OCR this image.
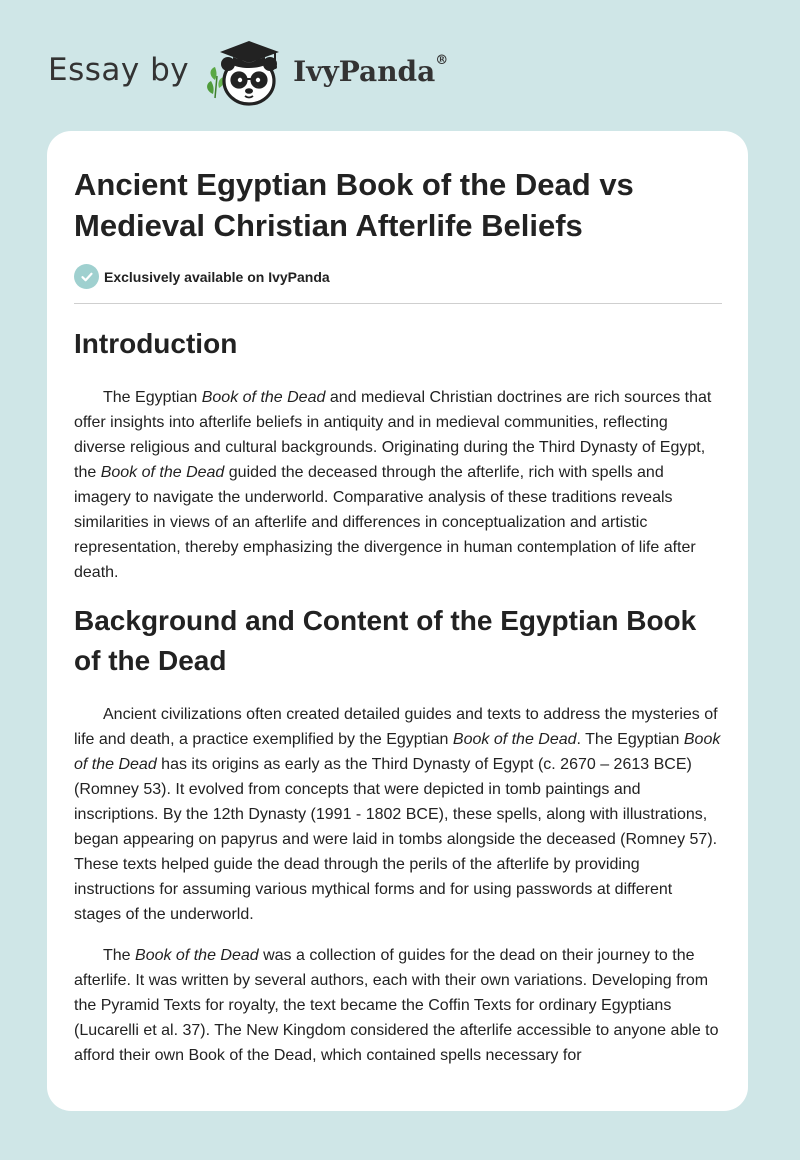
Essay by	IvyPanda®
Ancient Egyptian Book of the Dead vs Medieval Christian Afterlife Beliefs
Exclusively available on IvyPanda
Introduction

The Egyptian Book of the Dead and medieval Christian doctrines are rich sources that offer insights into afterlife beliefs in antiquity and in medieval communities, reflecting diverse religious and cultural backgrounds. Originating during the Third Dynasty of Egypt, the Book of the Dead guided the deceased through the afterlife, rich with spells and imagery to navigate the underworld. Comparative analysis of these traditions reveals similarities in views of an afterlife and differences in conceptualization and artistic representation, thereby emphasizing the divergence in human contemplation of life after death.

Background and Content of the Egyptian Book of the Dead

Ancient civilizations often created detailed guides and texts to address the mysteries of life and death, a practice exemplified by the Egyptian Book of the Dead. The Egyptian Book of the Dead has its origins as early as the Third Dynasty of Egypt (c. 2670 – 2613 BCE) (Romney 53). It evolved from concepts that were depicted in tomb paintings and inscriptions. By the 12th Dynasty (1991 - 1802 BCE), these spells, along with illustrations, began appearing on papyrus and were laid in tombs alongside the deceased (Romney 57). These texts helped guide the dead through the perils of the afterlife by providing instructions for assuming various mythical forms and for using passwords at different stages of the underworld.

The Book of the Dead was a collection of guides for the dead on their journey to the afterlife. It was written by several authors, each with their own variations. Developing from the Pyramid Texts for royalty, the text became the Coffin Texts for ordinary Egyptians (Lucarelli et al. 37). The New Kingdom considered the afterlife accessible to anyone able to afford their own Book of the Dead, which contained spells necessary for
